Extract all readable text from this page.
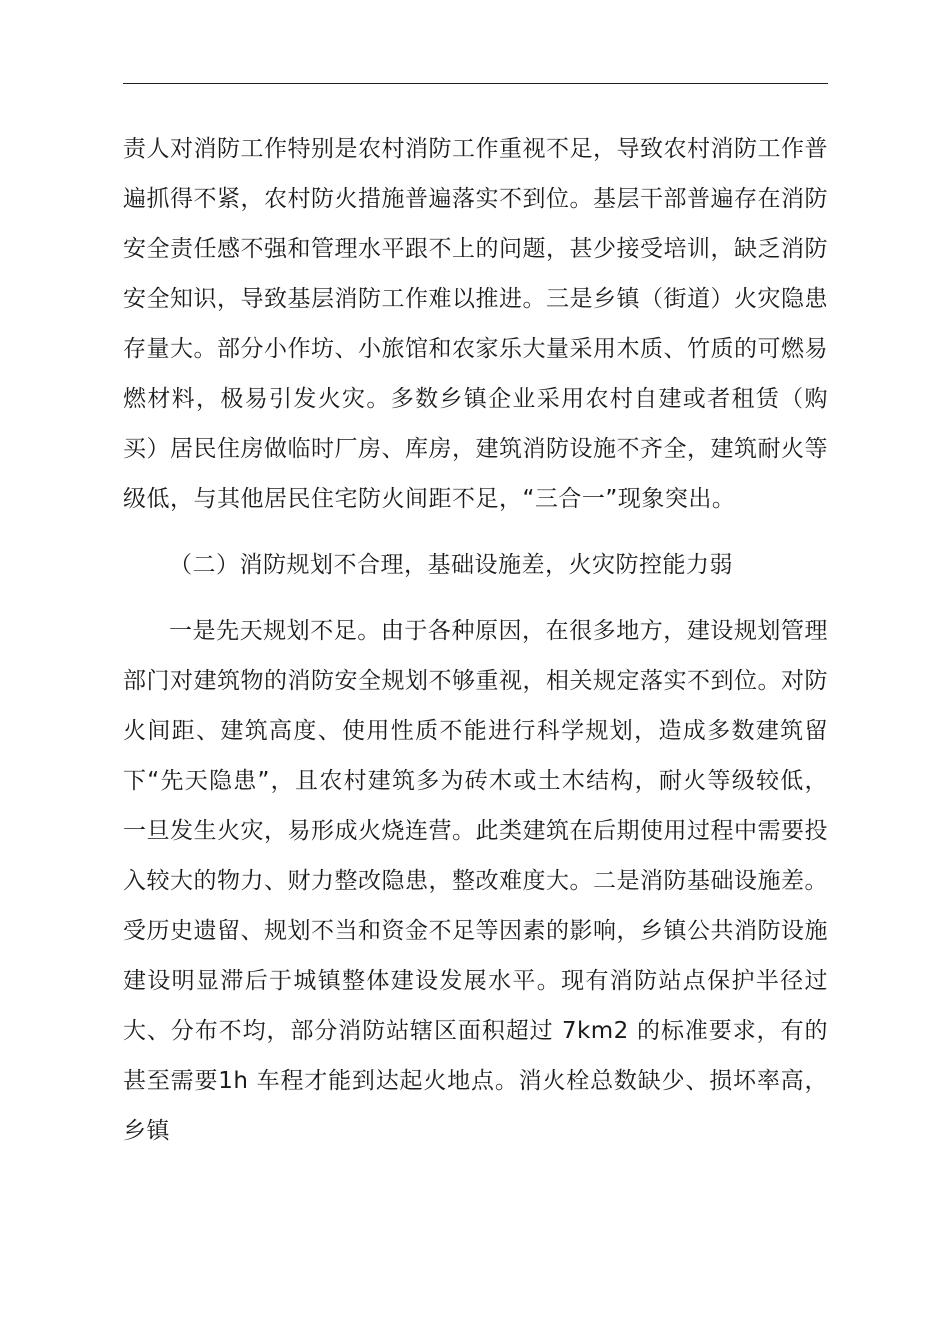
责人对消防工作特别是农村消防工作重视不足，导致农村消防工作普遍抓得不紧，农村防火措施普遍落实不到位。基层干部普遍存在消防安全责任感不强和管理水平跟不上的问题，甚少接受培训，缺乏消防安全知识，导致基层消防工作难以推进。三是乡镇（街道）火灾隐患存量大。部分小作坊、小旅馆和农家乐大量采用木质、竹质的可燃易燃材料，极易引发火灾。多数乡镇企业采用农村自建或者租赁（购买）居民住房做临时厂房、库房，建筑消防设施不齐全，建筑耐火等级低，与其他居民住宅防火间距不足，“三合一”现象突出。

（二）消防规划不合理，基础设施差，火灾防控能力弱

一是先天规划不足。由于各种原因，在很多地方，建设规划管理部门对建筑物的消防安全规划不够重视，相关规定落实不到位。对防火间距、建筑高度、使用性质不能进行科学规划，造成多数建筑留下“先天隐患”，且农村建筑多为砖木或土木结构，耐火等级较低，一旦发生火灾，易形成火烧连营。此类建筑在后期使用过程中需要投入较大的物力、财力整改隐患，整改难度大。二是消防基础设施差。受历史遗留、规划不当和资金不足等因素的影响，乡镇公共消防设施建设明显滞后于城镇整体建设发展水平。现有消防站点保护半径过大、分布不均，部分消防站辖区面积超过 7km2 的标准要求，有的甚至需要1h 车程才能到达起火地点。消火栓总数缺少、损坏率高，乡镇
